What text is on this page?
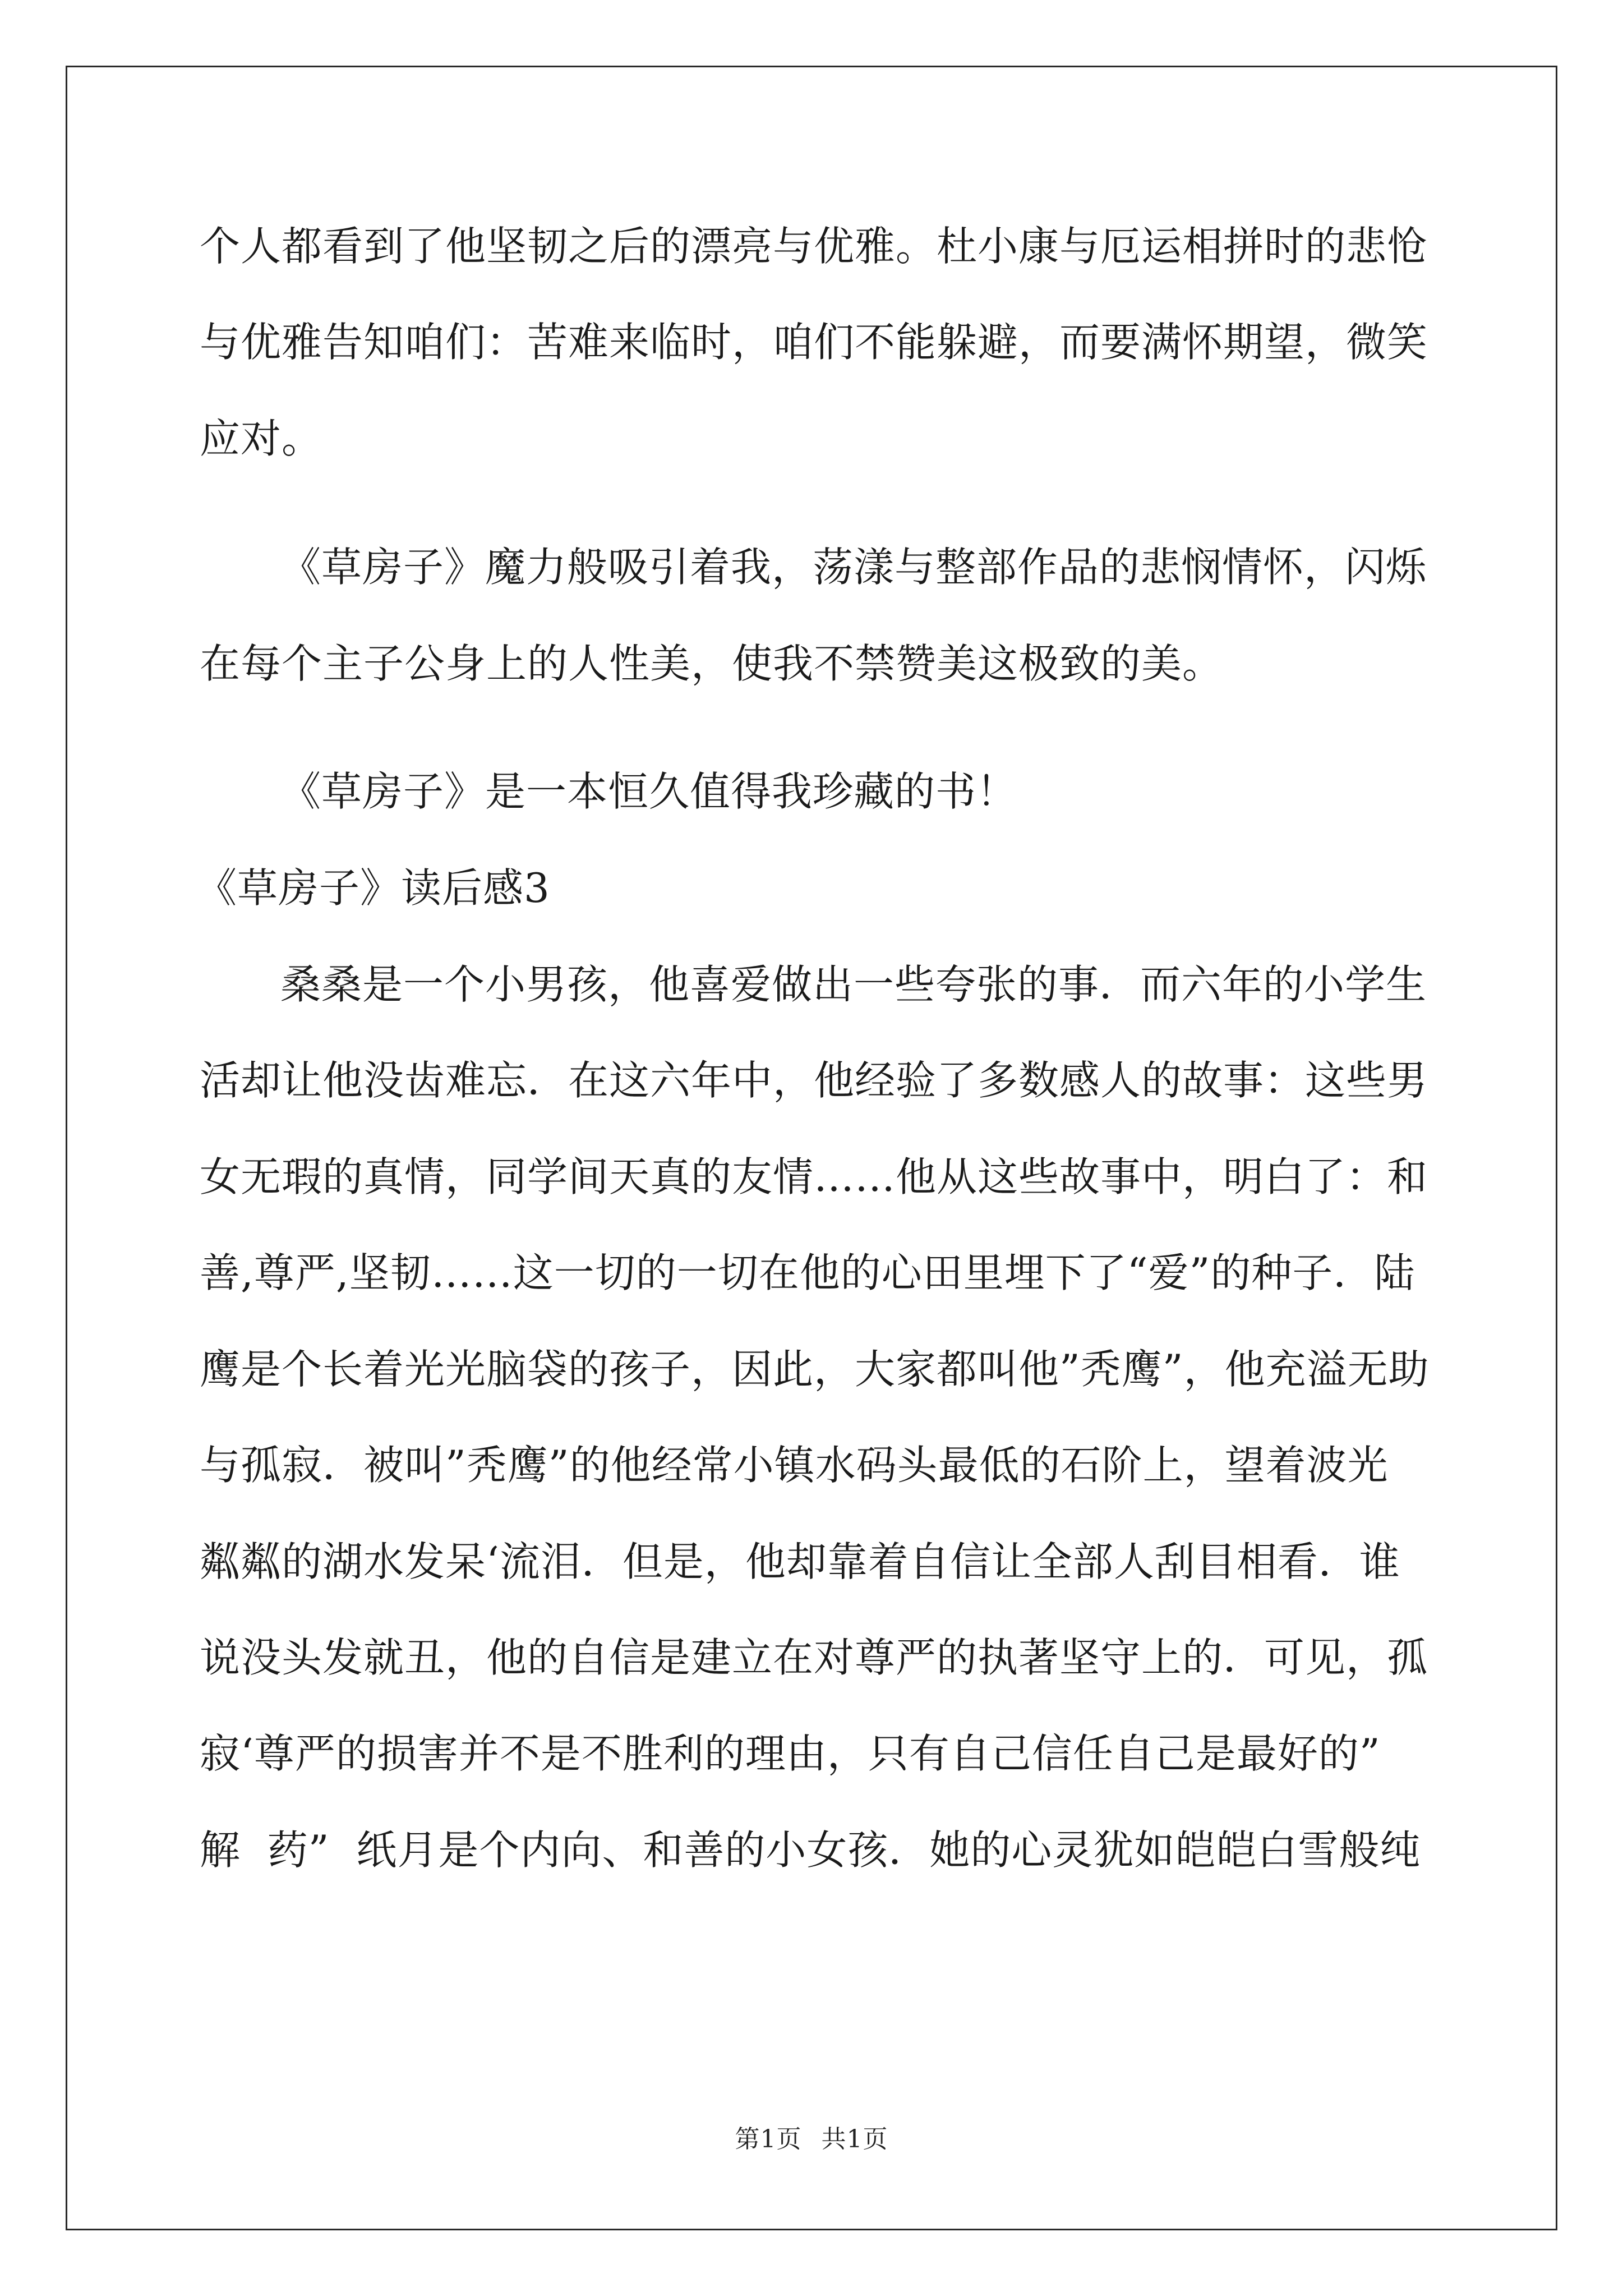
个人都看到了他坚韧之后的漂亮与优雅。杜小康与厄运相拼时的悲怆
与优雅告知咱们：苦难来临时，咱们不能躲避，而要满怀期望，微笑
应对。
《草房子》魔力般吸引着我，荡漾与整部作品的悲悯情怀，闪烁
在每个主子公身上的人性美，使我不禁赞美这极致的美。
《草房子》是一本恒久值得我珍藏的书！
《草房子》读后感3
桑桑是一个小男孩，他喜爱做出一些夸张的事．而六年的小学生
活却让他没齿难忘．在这六年中，他经验了多数感人的故事：这些男
女无瑕的真情，同学间天真的友情……他从这些故事中，明白了：和
善,尊严,坚韧……这一切的一切在他的心田里埋下了“爱”的种子．陆
鹰是个长着光光脑袋的孩子，因此，大家都叫他”秃鹰”，他充溢无助
与孤寂．被叫”秃鹰”的他经常小镇水码头最低的石阶上，望着波光
粼粼的湖水发呆‘流泪．但是，他却靠着自信让全部人刮目相看．谁
说没头发就丑，他的自信是建立在对尊严的执著坚守上的．可见，孤
寂‘尊严的损害并不是不胜利的理由，只有自己信任自己是最好的”
解  药”  纸月是个内向、和善的小女孩．她的心灵犹如皑皑白雪般纯
第1页 共1页
